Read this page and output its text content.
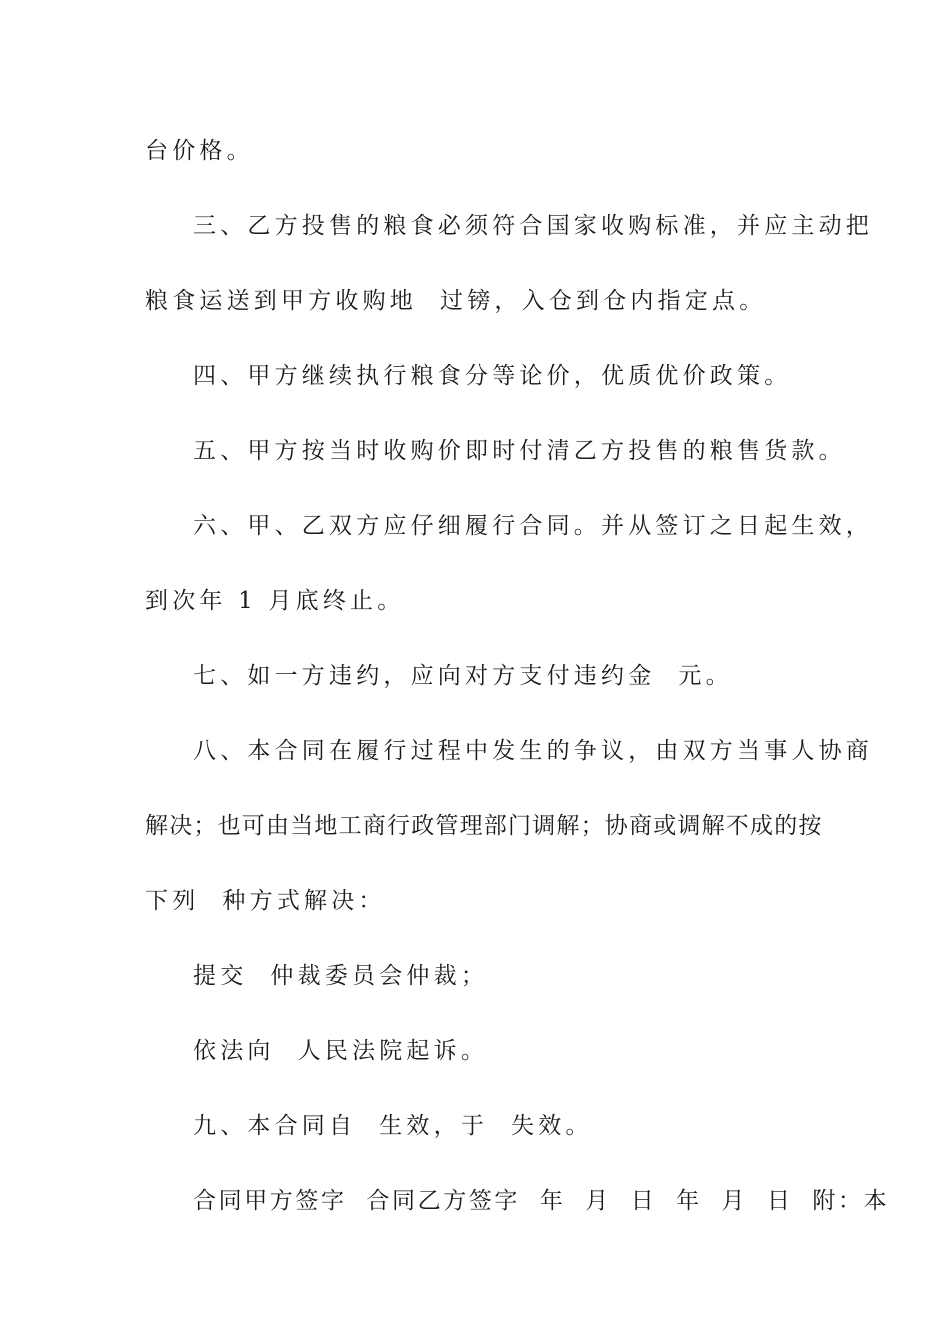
台价格。
三、乙方投售的粮食必须符合国家收购标准，并应主动把
粮食运送到甲方收购地  过镑，入仓到仓内指定点。
四、甲方继续执行粮食分等论价，优质优价政策。
五、甲方按当时收购价即时付清乙方投售的粮售货款。
六、甲、乙双方应仔细履行合同。并从签订之日起生效，
到次年 1 月底终止。
七、如一方违约，应向对方支付违约金  元。
八、本合同在履行过程中发生的争议，由双方当事人协商
解决；也可由当地工商行政管理部门调解；协商或调解不成的按
下列  种方式解决：
提交  仲裁委员会仲裁；
依法向  人民法院起诉。
九、本合同自  生效，于  失效。
合同甲方签字  合同乙方签字  年  月  日  年  月  日  附：本
